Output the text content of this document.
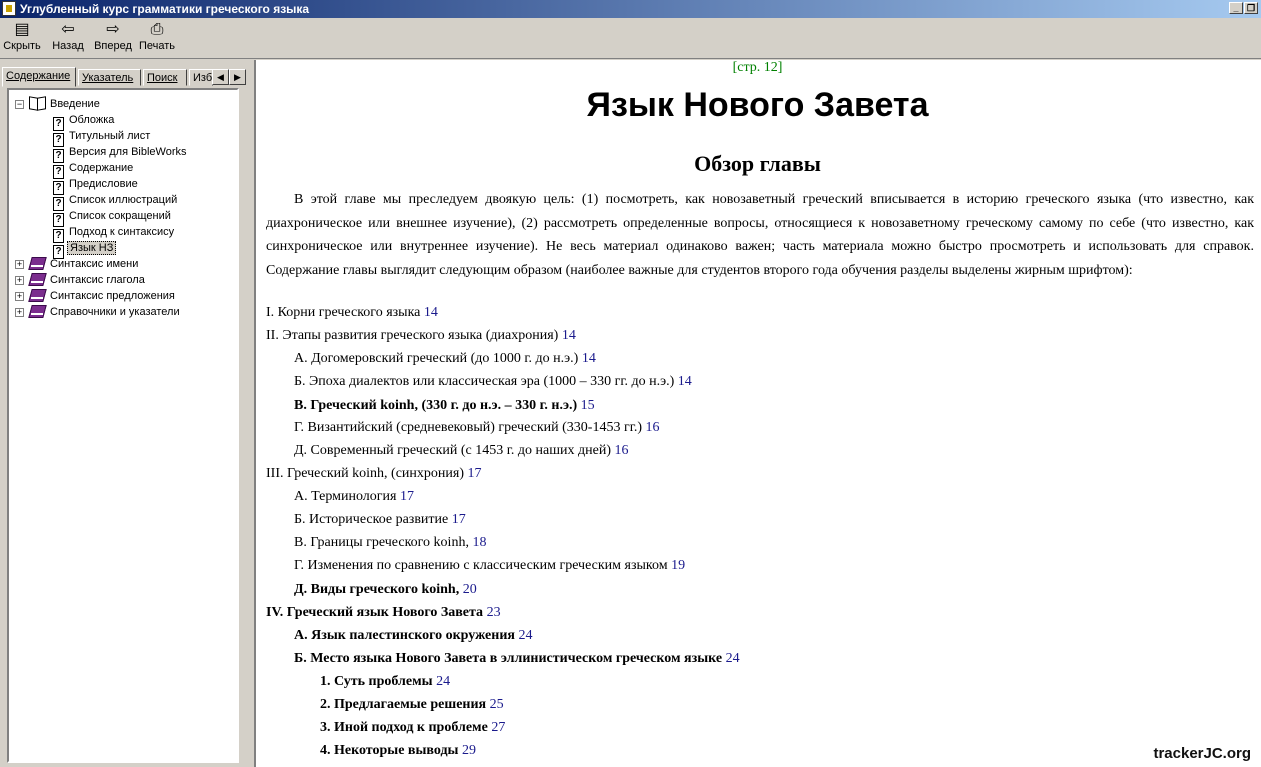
Углубленный курс грамматики греческого языка	_ ❐
▤
Скрыть
⇦
Назад
⇨
Вперед
⎙
Печать
Содержание	Указатель	Поиск	Изб ◀	▶
−	Введение
? Обложка
? Титульный лист
? Версия для BibleWorks
? Содержание
? Предисловие
? Список иллюстраций
? Список сокращений
? Подход к синтаксису
? Язык НЗ
+	Синтаксис имени
+	Синтаксис глагола
+	Синтаксис предложения
+	Справочники и указатели
[стр. 12]
Язык Нового Завета
Обзор главы

В этой главе мы преследуем двоякую цель: (1) посмотреть, как новозаветный греческий вписывается в историю греческого языка (что известно, как диахроническое или внешнее изучение), (2) рассмотреть определенные вопросы, относящиеся к новозаветному греческому самому по себе (что известно, как синхроническое или внутреннее изучение). Не весь материал одинаково важен; часть материала можно быстро просмотреть и использовать для справок. Содержание главы выглядит следующим образом (наиболее важные для студентов второго года обучения разделы выделены жирным шрифтом):

I. Корни греческого языка 14
II. Этапы развития греческого языка (диахрония) 14
А. Догомеровский греческий (до 1000 г. до н.э.) 14
Б. Эпоха диалектов или классическая эра (1000 – 330 гг. до н.э.) 14
В. Греческий koinh, (330 г. до н.э. – 330 г. н.э.) 15
Г. Византийский (средневековый) греческий (330-1453 гг.) 16
Д. Современный греческий (с 1453 г. до наших дней) 16
III. Греческий koinh, (синхрония) 17
А. Терминология 17
Б. Историческое развитие 17
В. Границы греческого koinh, 18
Г. Изменения по сравнению с классическим греческим языком 19
Д. Виды греческого koinh, 20
IV. Греческий язык Нового Завета 23
А. Язык палестинского окружения 24
Б. Место языка Нового Завета в эллинистическом греческом языке 24
1. Суть проблемы 24
2. Предлагаемые решения 25
3. Иной подход к проблеме 27
4. Некоторые выводы 29	trackerJC.org
